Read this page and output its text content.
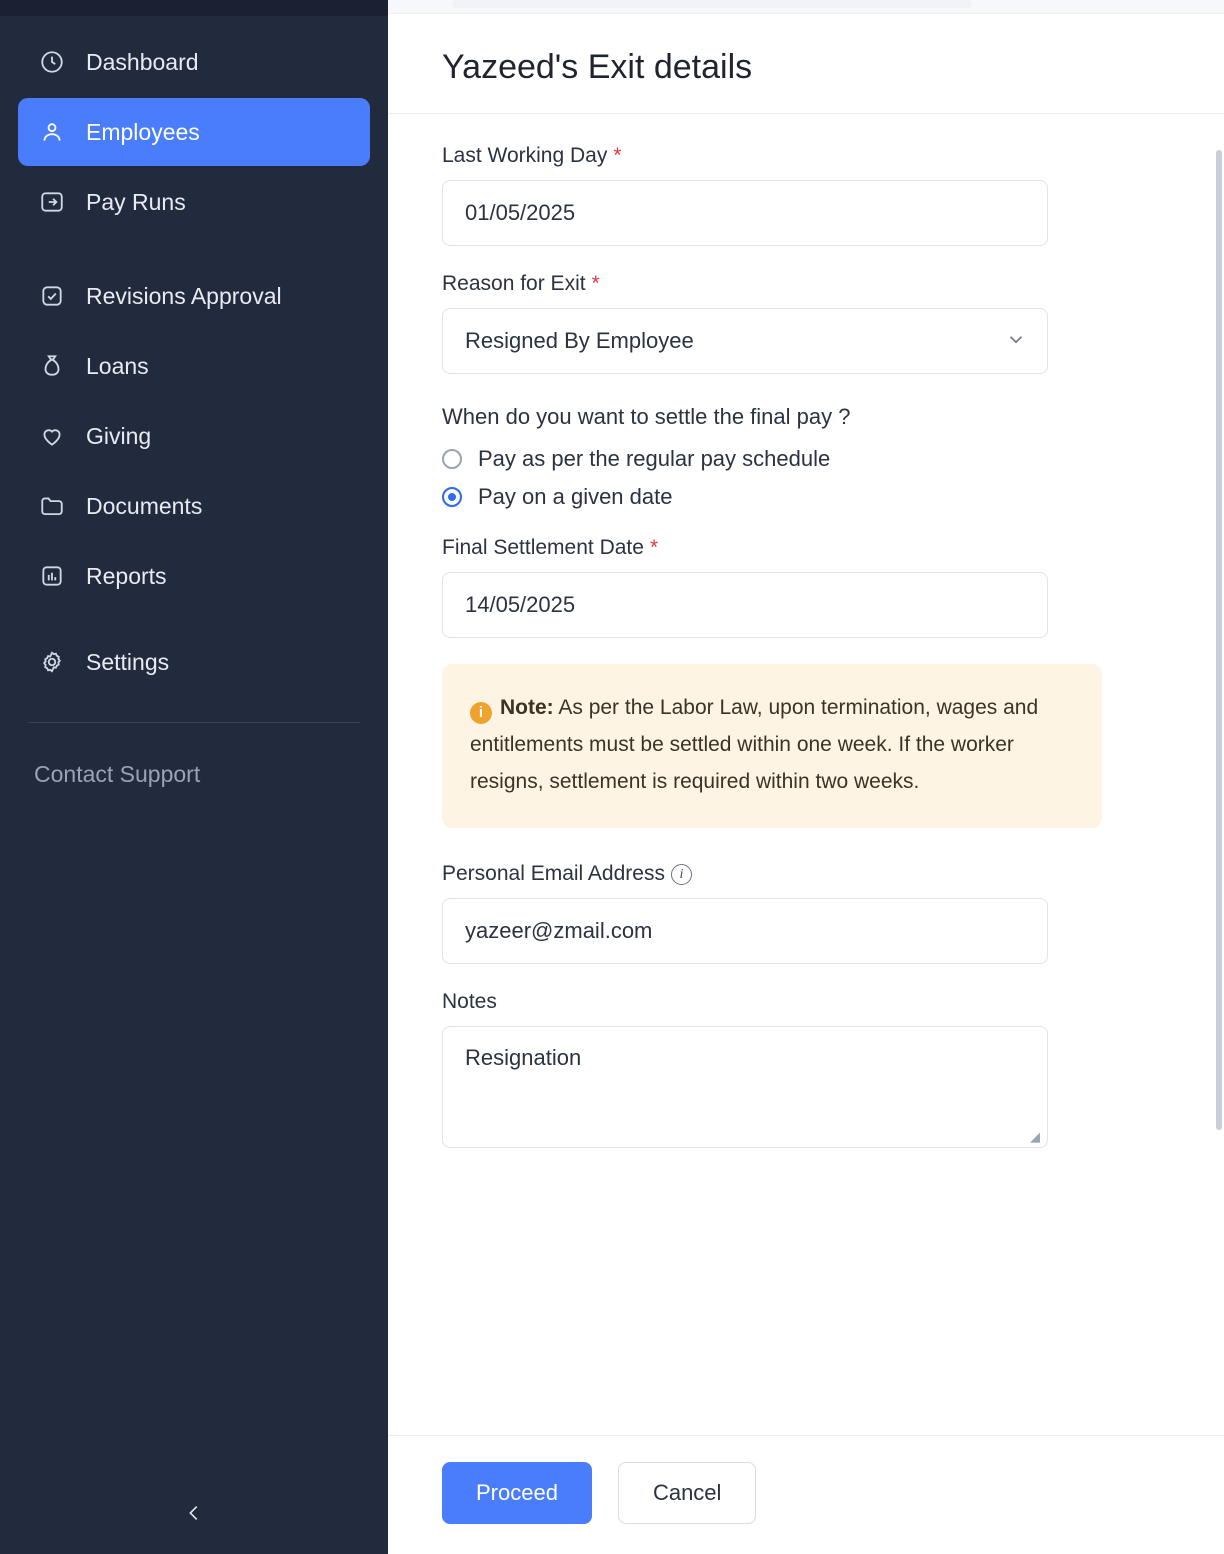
Dashboard
Employees
Pay Runs
Revisions Approval
Loans
Giving
Documents
Reports
Settings
Contact Support
Yazeed's Exit details
Last Working Day *
01/05/2025
Reason for Exit *
Resigned By Employee
When do you want to settle the final pay ?
Pay as per the regular pay schedule
Pay on a given date
Final Settlement Date *
14/05/2025
i Note: As per the Labor Law, upon termination, wages and entitlements must be settled within one week. If the worker resigns, settlement is required within two weeks.
Personal Email Address	i
yazeer@zmail.com
Notes
Resignation
◢
Proceed	Cancel
